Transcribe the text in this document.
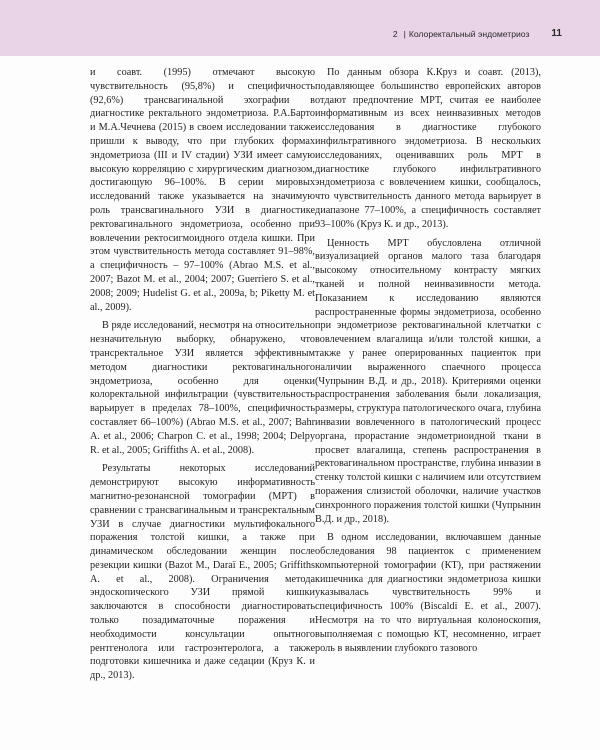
2 | Колоректальный эндометриоз 11

и соавт. (1995) отмечают высокую чувствительность (95,8%) и специфичность (92,6%) трансвагинальной эхографии в диагностике ректального эндометриоза. Р.А.Барто и М.А.Чечнева (2015) в своем исследовании также пришли к выводу, что при глубоких формах эндометриоза (III и IV стадии) УЗИ имеет самую высокую корреляцию с хирургическим диагнозом, достигающую 96–100%. В серии мировых исследований также указывается на значимую роль трансвагинального УЗИ в диагностике ректовагинального эндометриоза, особенно при вовлечении ректосигмоидного отдела кишки. При этом чувствительность метода составляет 91–98%, а специфичность – 97–100% (Abrao M.S. et al., 2007; Bazot M. et al., 2004; 2007; Guerriero S. et al., 2008; 2009; Hudelist G. et al., 2009a, b; Piketty M. et al., 2009).

В ряде исследований, несмотря на относительно незначительную выборку, обнаружено, что трансректальное УЗИ является эффективным методом диагностики ректовагинального эндометриоза, особенно для оценки колоректальной инфильтрации (чувствительность варьирует в пределах 78–100%, специфичность составляет 66–100%) (Abrao M.S. et al., 2007; Bahr A. et al., 2006; Charpon C. et al., 1998; 2004; Delpy R. et al., 2005; Griffiths A. et al., 2008).

Результаты некоторых исследований демонстрируют высокую информативность магнитно-резонансной томографии (МРТ) в сравнении с трансвагинальным и трансректальным УЗИ в случае диагностики мультифокального поражения толстой кишки, а также при динамическом обследовании женщин после резекции кишки (Bazot M., Daraï E., 2005; Griffiths A. et al., 2008). Ограничения метода эндоскопического УЗИ прямой кишки заключаются в способности диагностировать только позадиматочные поражения и необходимости консультации опытного рентгенолога или гастроэнтеролога, а также подготовки кишечника и даже седации (Круз К. и др., 2013).

По данным обзора К.Круз и соавт. (2013), подавляющее большинство европейских авторов отдают предпочтение МРТ, считая ее наиболее информативным из всех неинвазивных методов исследования в диагностике глубокого инфильтративного эндометриоза. В нескольких исследованиях, оценивавших роль МРТ в диагностике глубокого инфильтративного эндометриоза с вовлечением кишки, сообщалось, что чувствительность данного метода варьирует в диапазоне 77–100%, а специфичность составляет 93–100% (Круз К. и др., 2013).

Ценность МРТ обусловлена отличной визуализацией органов малого таза благодаря высокому относительному контрасту мягких тканей и полной неинвазивности метода. Показанием к исследованию являются распространенные формы эндометриоза, особенно при эндометриозе ректовагинальной клетчатки с вовлечением влагалища и/или толстой кишки, а также у ранее оперированных пациенток при наличии выраженного спаечного процесса (Чупрынин В.Д. и др., 2018). Критериями оценки распространения заболевания были локализация, размеры, структура патологического очага, глубина инвазии вовлеченного в патологический процесс органа, прорастание эндометриоидной ткани в просвет влагалища, степень распространения в ректовагинальном пространстве, глубина инвазии в стенку толстой кишки с наличием или отсутствием поражения слизистой оболочки, наличие участков синхронного поражения толстой кишки (Чупрынин В.Д. и др., 2018).

В одном исследовании, включавшем данные обследования 98 пациенток с применением компьютерной томографии (КТ), при растяжении кишечника для диагностики эндометриоза кишки указывалась чувствительность 99% и специфичность 100% (Biscaldi E. et al., 2007). Несмотря на то что виртуальная колоноскопия, выполняемая с помощью КТ, несомненно, играет роль в выявлении глубокого тазового
